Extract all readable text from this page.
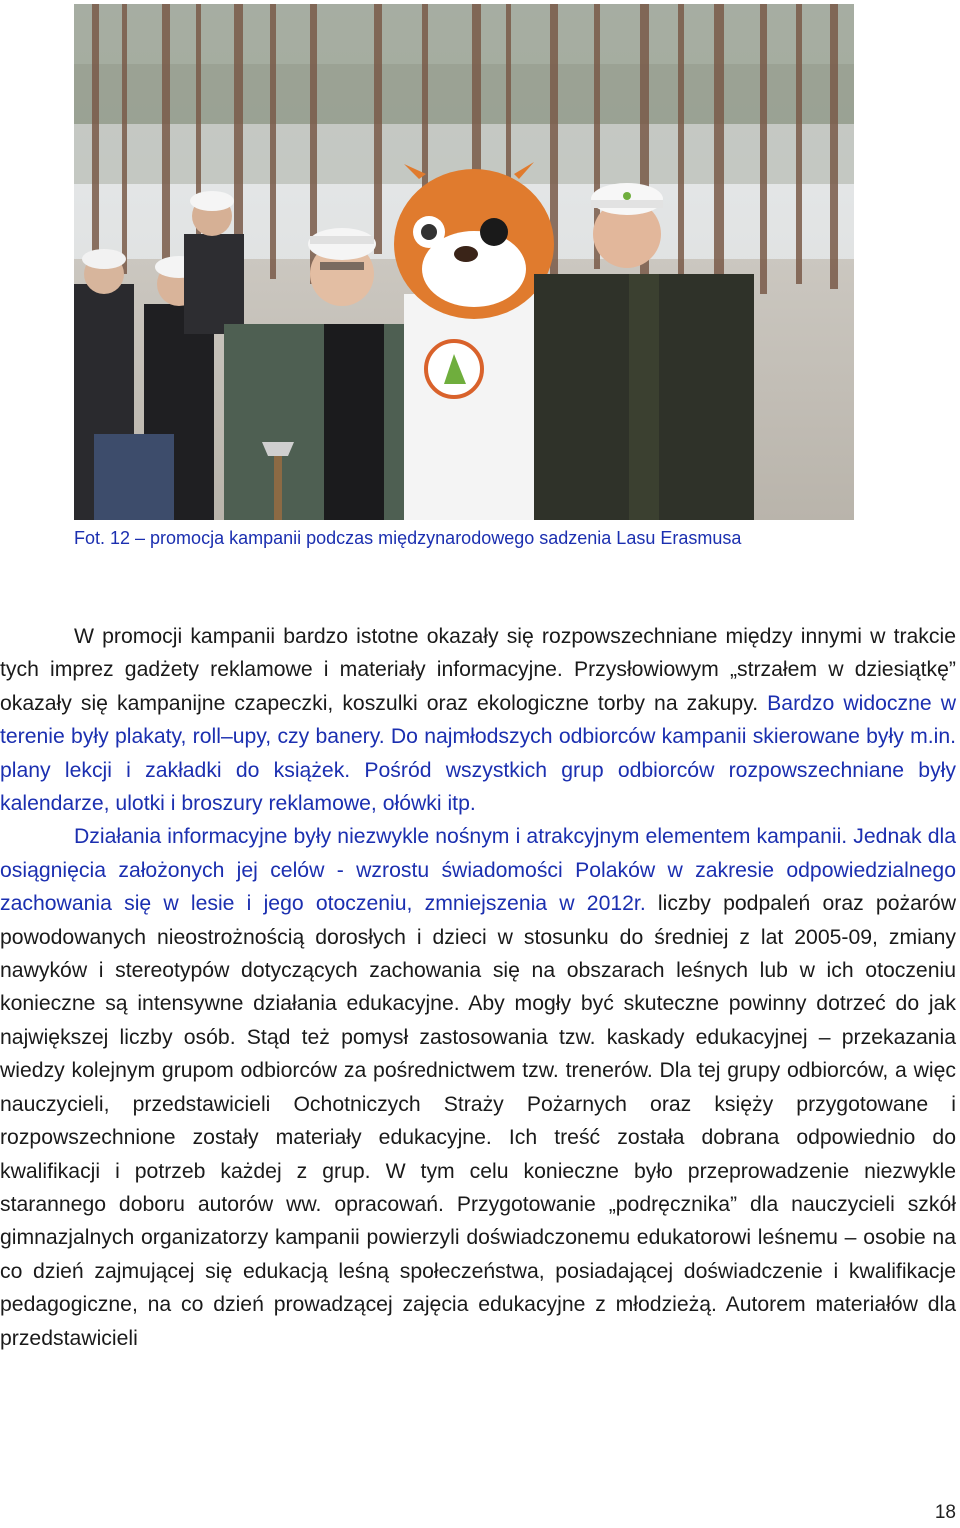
Fot. 12 – promocja kampanii podczas międzynarodowego sadzenia Lasu Erasmusa

W promocji kampanii bardzo istotne okazały się rozpowszechniane między innymi w trakcie tych imprez gadżety reklamowe i materiały informacyjne. Przysłowiowym „strzałem w dziesiątkę” okazały się kampanijne czapeczki, koszulki oraz ekologiczne torby na zakupy. Bardzo widoczne w terenie były plakaty, roll–upy, czy banery. Do najmłodszych odbiorców kampanii skierowane były m.in. plany lekcji i zakładki do książek. Pośród wszystkich grup odbiorców rozpowszechniane były kalendarze, ulotki i broszury reklamowe, ołówki itp.

Działania informacyjne były niezwykle nośnym i atrakcyjnym elementem kampanii. Jednak dla osiągnięcia założonych jej celów - wzrostu świadomości Polaków w zakresie odpowiedzialnego zachowania się w lesie i jego otoczeniu, zmniejszenia w 2012r. liczby podpaleń oraz pożarów powodowanych nieostrożnością dorosłych i dzieci w stosunku do średniej z lat 2005-09, zmiany nawyków i stereotypów dotyczących zachowania się na obszarach leśnych lub w ich otoczeniu konieczne są intensywne działania edukacyjne. Aby mogły być skuteczne powinny dotrzeć do jak największej liczby osób. Stąd też pomysł zastosowania tzw. kaskady edukacyjnej – przekazania wiedzy kolejnym grupom odbiorców za pośrednictwem tzw. trenerów. Dla tej grupy odbiorców, a więc nauczycieli, przedstawicieli Ochotniczych Straży Pożarnych oraz księży przygotowane i rozpowszechnione zostały materiały edukacyjne. Ich treść została dobrana odpowiednio do kwalifikacji i potrzeb każdej z grup. W tym celu konieczne było przeprowadzenie niezwykle starannego doboru autorów ww. opracowań. Przygotowanie „podręcznika” dla nauczycieli szkół gimnazjalnych organizatorzy kampanii powierzyli doświadczonemu edukatorowi leśnemu – osobie na co dzień zajmującej się edukacją leśną społeczeństwa, posiadającej doświadczenie i kwalifikacje pedagogiczne, na co dzień prowadzącej zajęcia edukacyjne z młodzieżą. Autorem materiałów dla przedstawicieli

18
